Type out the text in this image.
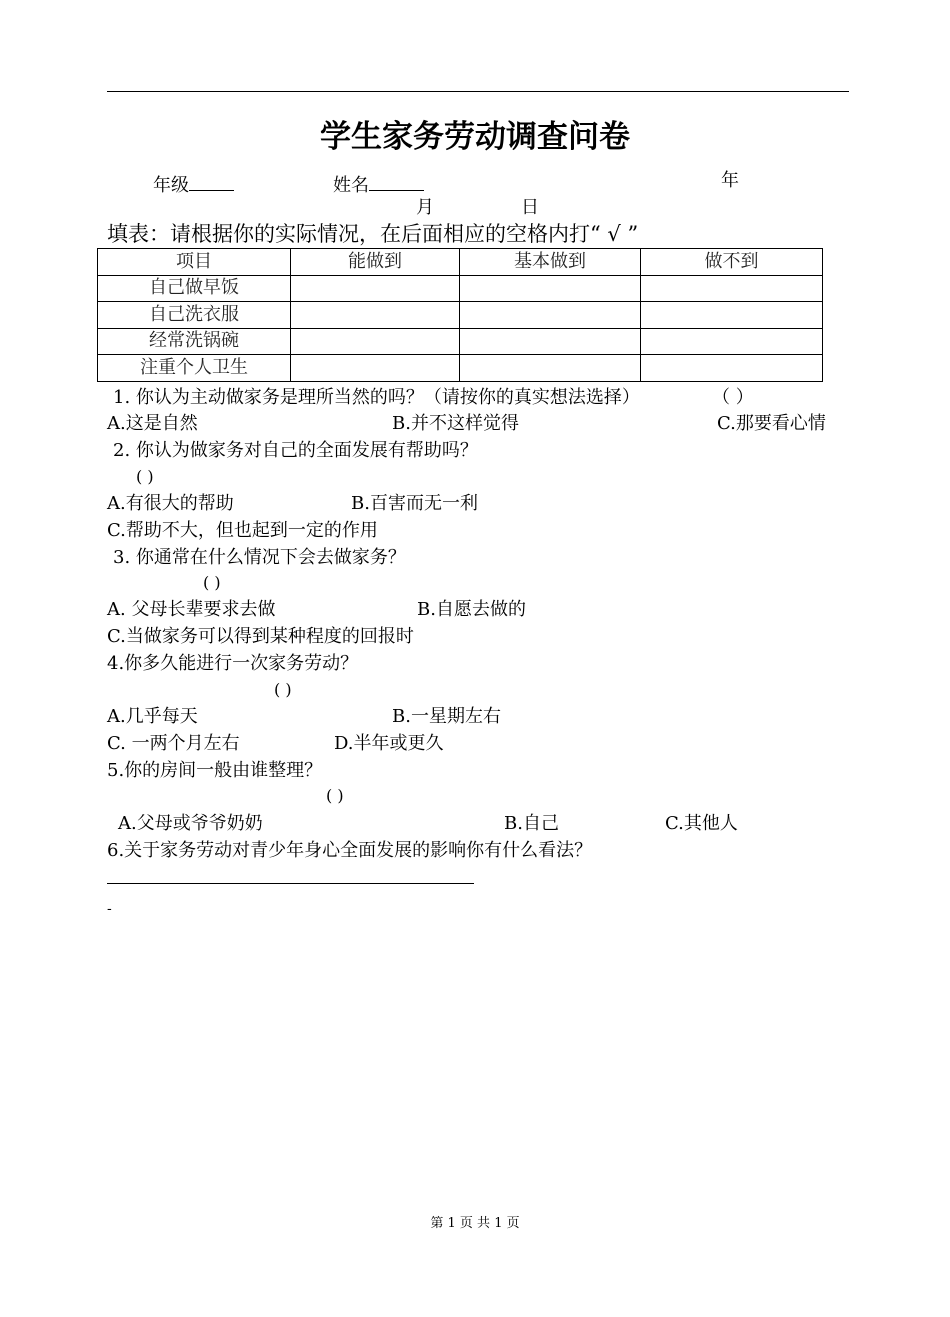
学生家务劳动调查问卷
年级	姓名	年
月	日
填表：请根据你的实际情况，在后面相应的空格内打“ √ ”
项目	能做到	基本做到	做不到
自己做早饭			
自己洗衣服			
经常洗锅碗			
注重个人卫生			
1. 你认为主动做家务是理所当然的吗？（请按你的真实想法选择）	（ ）
A.这是自然	B.并不这样觉得	C.那要看心情
2. 你认为做家务对自己的全面发展有帮助吗？
( )
A.有很大的帮助	B.百害而无一利
C.帮助不大，但也起到一定的作用
3. 你通常在什么情况下会去做家务？
( )
A. 父母长辈要求去做	B.自愿去做的
C.当做家务可以得到某种程度的回报时
4.你多久能进行一次家务劳动？
( )
A.几乎每天	B.一星期左右
C. 一两个月左右	D.半年或更久
5.你的房间一般由谁整理？
( )
A.父母或爷爷奶奶	B.自己	C.其他人
6.关于家务劳动对青少年身心全面发展的影响你有什么看法？
-
第 1 页 共 1 页
